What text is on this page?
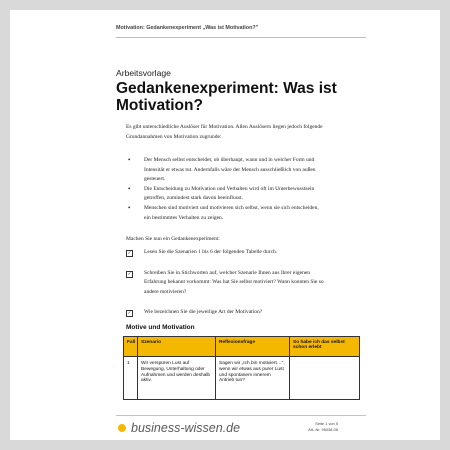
Motivation: Gedankenexperiment „Was ist Motivation?"
Arbeitsvorlage
Gedankenexperiment: Was ist Motivation?

Es gibt unterschiedliche Auslöser für Motivation. Allen Auslösern liegen jedoch folgende Grundannahmen von Motivation zugrunde:

• Der Mensch selbst entscheidet, ob überhaupt, wann und in welcher Form und Intensität er etwas tut. Andernfalls wäre der Mensch ausschließlich von außen gesteuert.
• Die Entscheidung zu Motivation und Verhalten wird oft im Unterbewusstsein getroffen, zumindest stark davon beeinflusst.
• Menschen sind motiviert und motivieren sich selbst, wenn sie sich entscheiden, ein bestimmtes Verhalten zu zeigen.

Machen Sie nun ein Gedankenexperiment:

✓ Lesen Sie die Szenarien 1 bis 6 der folgenden Tabelle durch.
✓ Schreiben Sie in Stichworten auf, welcher Szenarie Ihnen aus Ihrer eigenen Erfahrung bekannt vorkommt: Was hat Sie selbst motiviert? Wann konnten Sie so andere motivieren?
✓ Wie bezeichnen Sie die jeweilige Art der Motivation?
Motive und Motivation
Fall	Szenario	Reflexionsfrage	So habe ich das selbst schon erlebt
1	Wir verspüren Lust auf Bewegung, Unterhaltung oder Aufnahmen und werden deshalb aktiv.	Sagen wir „Ich bin motiviert…", wenn wir etwas aus purer Lust und spontanem innerem Antrieb tun?	
business-wissen.de	Seite 1 von 5
Art.-Nr. 95038-06
